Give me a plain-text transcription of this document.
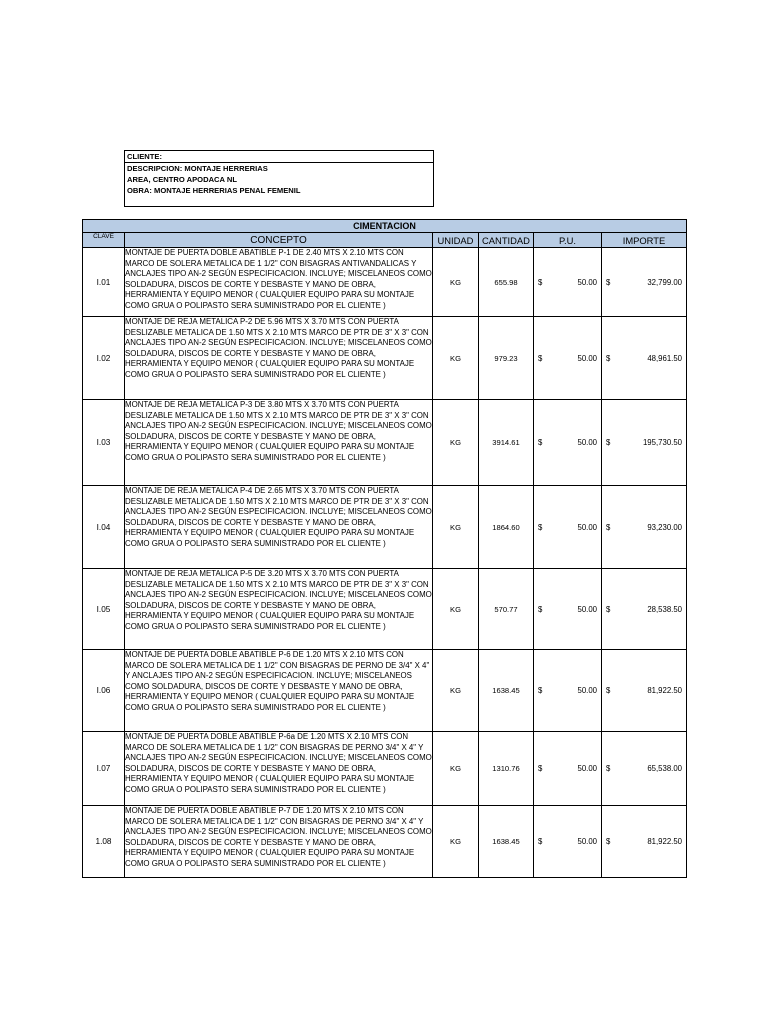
CLIENTE:
DESCRIPCION: MONTAJE HERRERIAS
AREA, CENTRO APODACA NL
OBRA: MONTAJE HERRERIAS PENAL FEMENIL
CIMENTACION					
CLAVE	CONCEPTO	UNIDAD	CANTIDAD	P.U.	IMPORTE
I.01	MONTAJE DE PUERTA DOBLE ABATIBLE P-1 DE 2.40 MTS X 2.10 MTS CON MARCO DE SOLERA METALICA DE 1 1/2" CON BISAGRAS ANTIVANDALICAS Y ANCLAJES TIPO AN-2 SEGÚN ESPECIFICACION. INCLUYE; MISCELANEOS COMO SOLDADURA, DISCOS DE CORTE Y DESBASTE Y MANO DE OBRA, HERRAMIENTA Y EQUIPO MENOR ( CUALQUIER EQUIPO PARA SU MONTAJE COMO GRUA O POLIPASTO SERA SUMINISTRADO POR EL CLIENTE )	KG	655.98	$ 50.00	$ 32,799.00

I.02	MONTAJE DE REJA METALICA P-2 DE 5.96 MTS X 3.70 MTS CON PUERTA DESLIZABLE METALICA DE 1.50 MTS X 2.10 MTS MARCO DE PTR DE 3" X 3" CON ANCLAJES TIPO AN-2 SEGÚN ESPECIFICACION. INCLUYE; MISCELANEOS COMO SOLDADURA, DISCOS DE CORTE Y DESBASTE Y MANO DE OBRA, HERRAMIENTA Y EQUIPO MENOR ( CUALQUIER EQUIPO PARA SU MONTAJE COMO GRUA O POLIPASTO SERA SUMINISTRADO POR EL CLIENTE )	KG	979.23	$ 50.00	$ 48,961.50

I.03	MONTAJE DE REJA METALICA P-3 DE 3.80 MTS X 3.70 MTS CON PUERTA DESLIZABLE METALICA DE 1.50 MTS X 2.10 MTS MARCO DE PTR DE 3" X 3" CON ANCLAJES TIPO AN-2 SEGÚN ESPECIFICACION. INCLUYE; MISCELANEOS COMO SOLDADURA, DISCOS DE CORTE Y DESBASTE Y MANO DE OBRA, HERRAMIENTA Y EQUIPO MENOR ( CUALQUIER EQUIPO PARA SU MONTAJE COMO GRUA O POLIPASTO SERA SUMINISTRADO POR EL CLIENTE )	KG	3914.61	$ 50.00	$ 195,730.50

I.04	MONTAJE DE REJA METALICA P-4 DE 2.65 MTS X 3.70 MTS CON PUERTA DESLIZABLE METALICA DE 1.50 MTS X 2.10 MTS MARCO DE PTR DE 3" X 3" CON ANCLAJES TIPO AN-2 SEGÚN ESPECIFICACION. INCLUYE; MISCELANEOS COMO SOLDADURA, DISCOS DE CORTE Y DESBASTE Y MANO DE OBRA, HERRAMIENTA Y EQUIPO MENOR ( CUALQUIER EQUIPO PARA SU MONTAJE COMO GRUA O POLIPASTO SERA SUMINISTRADO POR EL CLIENTE )	KG	1864.60	$ 50.00	$ 93,230.00

I.05	MONTAJE DE REJA METALICA P-5 DE 3.20 MTS X 3.70 MTS CON PUERTA DESLIZABLE METALICA DE 1.50 MTS X 2.10 MTS MARCO DE PTR DE 3" X 3" CON ANCLAJES TIPO AN-2 SEGÚN ESPECIFICACION. INCLUYE; MISCELANEOS COMO SOLDADURA, DISCOS DE CORTE Y DESBASTE Y MANO DE OBRA, HERRAMIENTA Y EQUIPO MENOR ( CUALQUIER EQUIPO PARA SU MONTAJE COMO GRUA O POLIPASTO SERA SUMINISTRADO POR EL CLIENTE )	KG	570.77	$ 50.00	$ 28,538.50

I.06	MONTAJE DE PUERTA DOBLE ABATIBLE P-6 DE 1.20 MTS X 2.10 MTS CON MARCO DE SOLERA METALICA DE 1 1/2" CON BISAGRAS DE PERNO DE 3/4" X 4" Y ANCLAJES TIPO AN-2 SEGÚN ESPECIFICACION. INCLUYE; MISCELANEOS COMO SOLDADURA, DISCOS DE CORTE Y DESBASTE Y MANO DE OBRA, HERRAMIENTA Y EQUIPO MENOR ( CUALQUIER EQUIPO PARA SU MONTAJE COMO GRUA O POLIPASTO SERA SUMINISTRADO POR EL CLIENTE )	KG	1638.45	$ 50.00	$ 81,922.50

I.07	MONTAJE DE PUERTA DOBLE ABATIBLE P-6a DE 1.20 MTS X 2.10 MTS CON MARCO DE SOLERA METALICA DE 1 1/2" CON BISAGRAS DE PERNO 3/4" X 4" Y ANCLAJES TIPO AN-2 SEGÚN ESPECIFICACION. INCLUYE; MISCELANEOS COMO SOLDADURA, DISCOS DE CORTE Y DESBASTE Y MANO DE OBRA, HERRAMIENTA Y EQUIPO MENOR ( CUALQUIER EQUIPO PARA SU MONTAJE COMO GRUA O POLIPASTO SERA SUMINISTRADO POR EL CLIENTE )	KG	1310.76	$ 50.00	$ 65,538.00

1.08	MONTAJE DE PUERTA DOBLE ABATIBLE P-7 DE 1.20 MTS X 2.10 MTS CON MARCO DE SOLERA METALICA DE 1 1/2" CON BISAGRAS DE PERNO 3/4" X 4" Y ANCLAJES TIPO AN-2 SEGÚN ESPECIFICACION. INCLUYE; MISCELANEOS COMO SOLDADURA, DISCOS DE CORTE Y DESBASTE Y MANO DE OBRA, HERRAMIENTA Y EQUIPO MENOR ( CUALQUIER EQUIPO PARA SU MONTAJE COMO GRUA O POLIPASTO SERA SUMINISTRADO POR EL CLIENTE )	KG	1638.45	$ 50.00	$ 81,922.50
